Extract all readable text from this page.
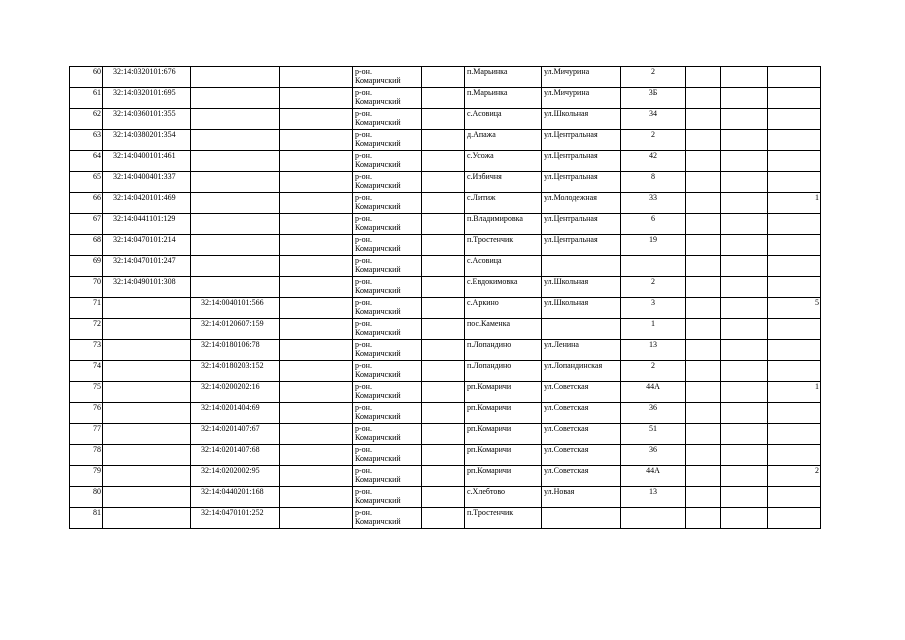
60	32:14:0320101:676			р-он.
Комаричский		п.Марьинка	ул.Мичурина	2			
61	32:14:0320101:695			р-он.
Комаричский		п.Марьинка	ул.Мичурина	3Б			
62	32:14:0360101:355			р-он.
Комаричский		с.Асовица	ул.Школьная	34			
63	32:14:0380201:354			р-он.
Комаричский		д.Апажа	ул.Центральная	2			
64	32:14:0400101:461			р-он.
Комаричский		с.Усожа	ул.Центральная	42			
65	32:14:0400401:337			р-он.
Комаричский		с.Избичня	ул.Центральная	8			
66	32:14:0420101:469			р-он.
Комаричский		с.Литиж	ул.Молодежная	33			1
67	32:14:0441101:129			р-он.
Комаричский		п.Владимировка	ул.Центральная	6			
68	32:14:0470101:214			р-он.
Комаричский		п.Тростенчик	ул.Центральная	19			
69	32:14:0470101:247			р-он.
Комаричский		с.Асовица					
70	32:14:0490101:308			р-он.
Комаричский		с.Евдокимовка	ул.Школьная	2			
71		32:14:0040101:566		р-он.
Комаричский		с.Аркино	ул.Школьная	3			5
72		32:14:0120607:159		р-он.
Комаричский		пос.Каменка		1			
73		32:14:0180106:78		р-он.
Комаричский		п.Лопандино	ул.Ленина	13			
74		32:14:0180203:152		р-он.
Комаричский		п.Лопандино	ул.Лопандинская	2			
75		32:14:0200202:16		р-он.
Комаричский		рп.Комаричи	ул.Советская	44А			1
76		32:14:0201404:69		р-он.
Комаричский		рп.Комаричи	ул.Советская	36			
77		32:14:0201407:67		р-он.
Комаричский		рп.Комаричи	ул.Советская	51			
78		32:14:0201407:68		р-он.
Комаричский		рп.Комаричи	ул.Советская	36			
79		32:14:0202002:95		р-он.
Комаричский		рп.Комаричи	ул.Советская	44А			2
80		32:14:0440201:168		р-он.
Комаричский		с.Хлебтово	ул.Новая	13			
81		32:14:0470101:252		р-он.
Комаричский		п.Тростенчик					
